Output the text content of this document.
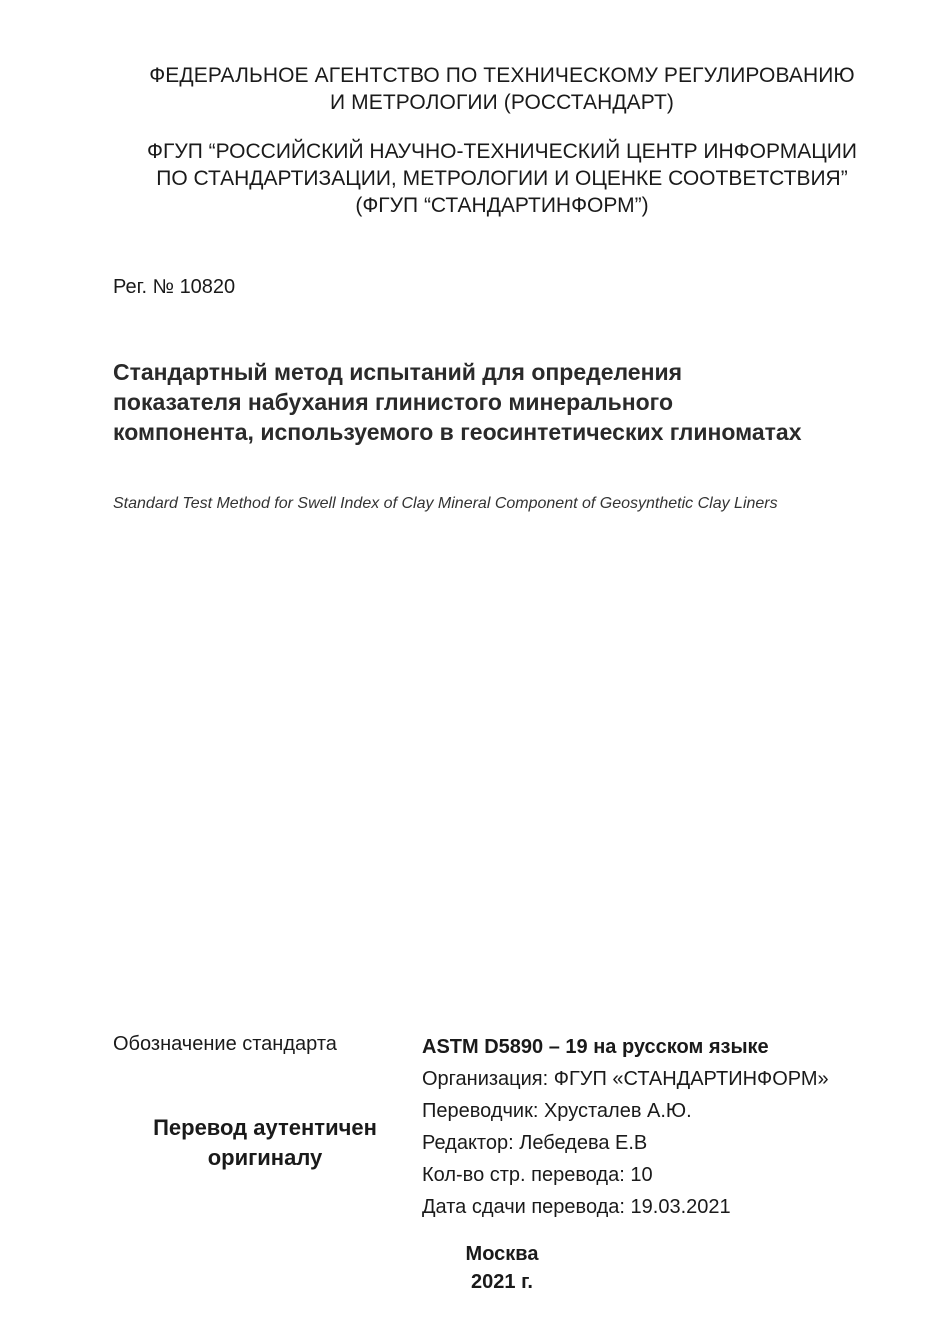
ФЕДЕРАЛЬНОЕ АГЕНТСТВО ПО ТЕХНИЧЕСКОМУ РЕГУЛИРОВАНИЮ
И МЕТРОЛОГИИ (РОССТАНДАРТ)
ФГУП “РОССИЙСКИЙ НАУЧНО-ТЕХНИЧЕСКИЙ ЦЕНТР ИНФОРМАЦИИ
ПО СТАНДАРТИЗАЦИИ, МЕТРОЛОГИИ И ОЦЕНКЕ СООТВЕТСТВИЯ”
(ФГУП “СТАНДАРТИНФОРМ”)
Рег. № 10820
Стандартный метод испытаний для определения
показателя набухания глинистого минерального
компонента, используемого в геосинтетических глиноматах
Standard Test Method for Swell Index of Clay Mineral Component of Geosynthetic Clay Liners
Обозначение стандарта
Перевод аутентичен
оригиналу
ASTM D5890 – 19 на русском языке
Организация: ФГУП «СТАНДАРТИНФОРМ»
Переводчик: Хрусталев А.Ю.
Редактор: Лебедева Е.В
Кол-во стр. перевода: 10
Дата сдачи перевода: 19.03.2021
Москва
2021 г.
